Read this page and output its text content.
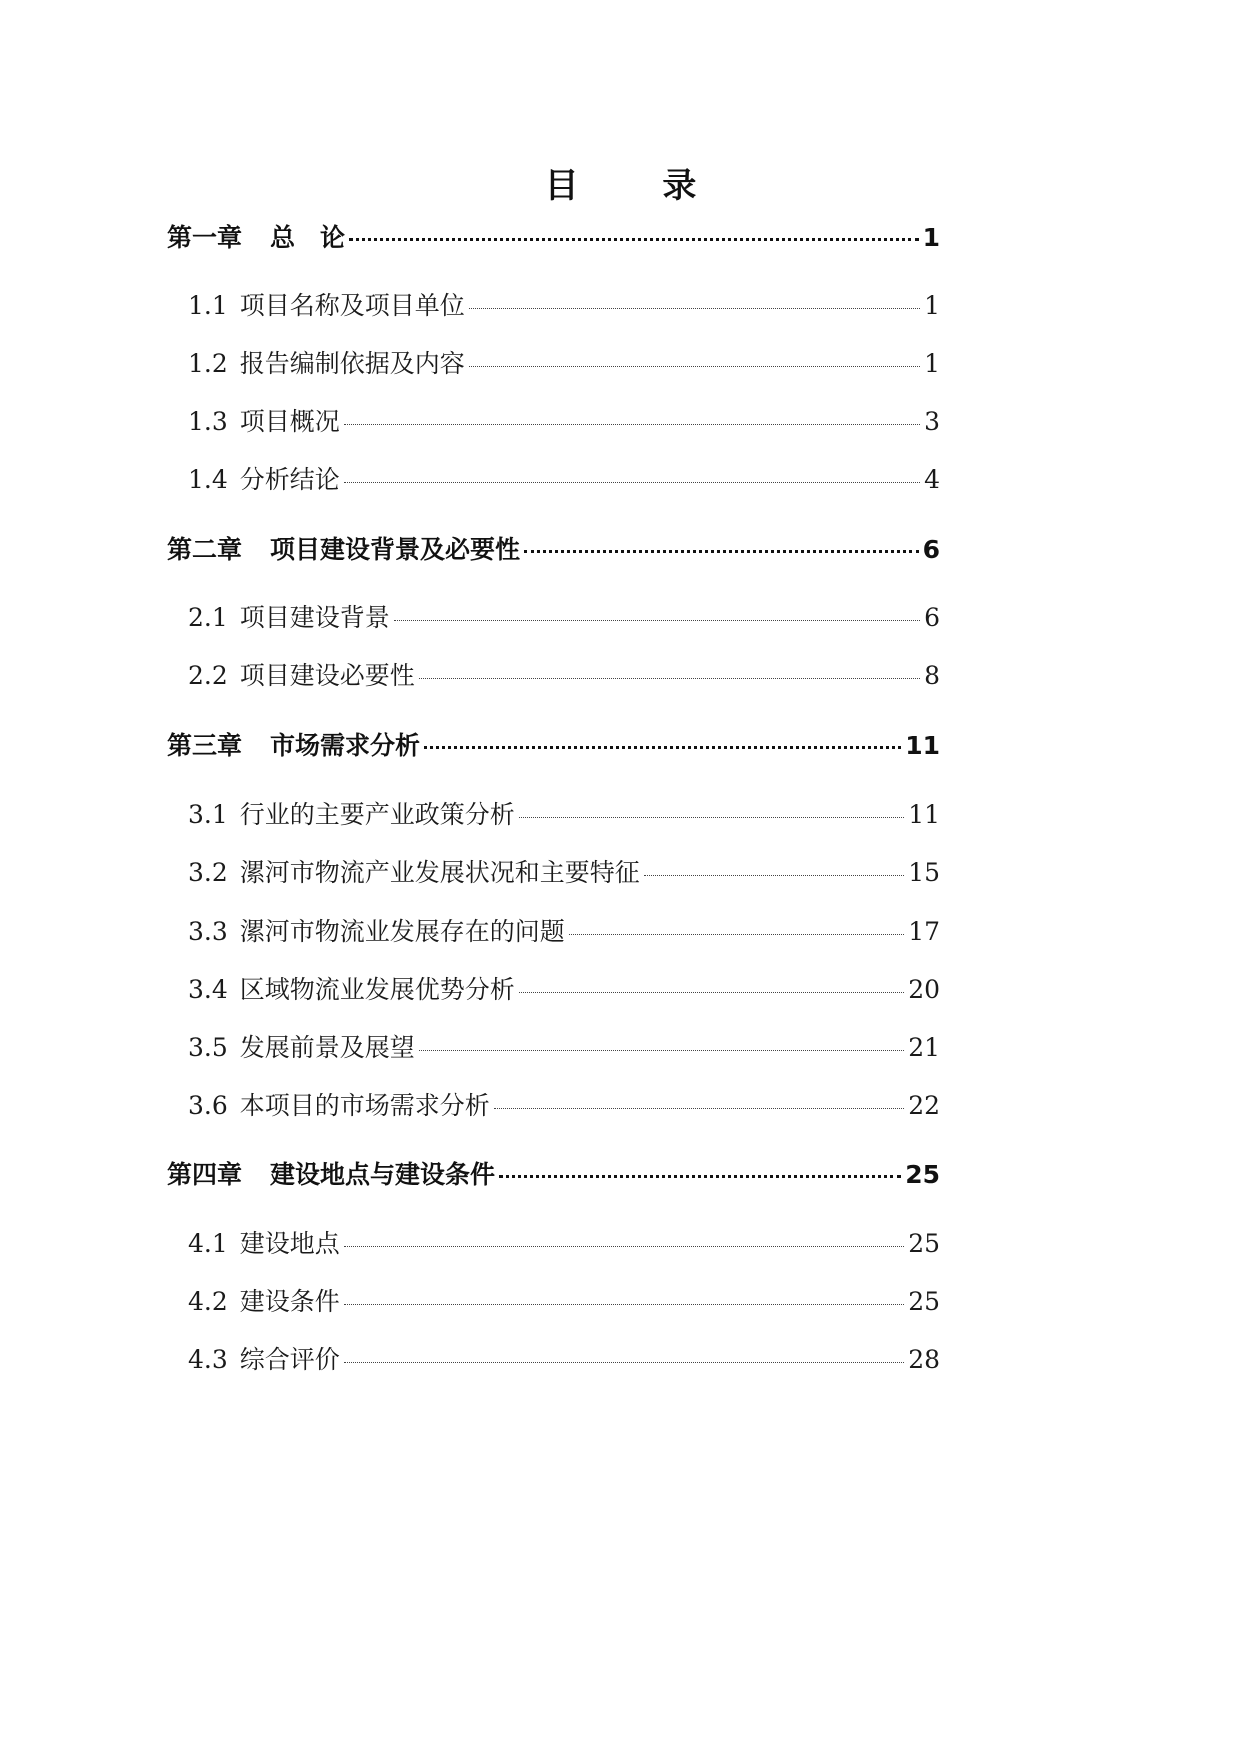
目 录
第一章 总　论	1
1.1 项目名称及项目单位	1
1.2 报告编制依据及内容	1
1.3 项目概况	3
1.4 分析结论	4
第二章 项目建设背景及必要性	6
2.1 项目建设背景	6
2.2 项目建设必要性	8
第三章 市场需求分析	11
3.1 行业的主要产业政策分析	11
3.2 漯河市物流产业发展状况和主要特征	15
3.3 漯河市物流业发展存在的问题	17
3.4 区域物流业发展优势分析	20
3.5 发展前景及展望	21
3.6 本项目的市场需求分析	22
第四章 建设地点与建设条件	25
4.1 建设地点	25
4.2 建设条件	25
4.3 综合评价	28
